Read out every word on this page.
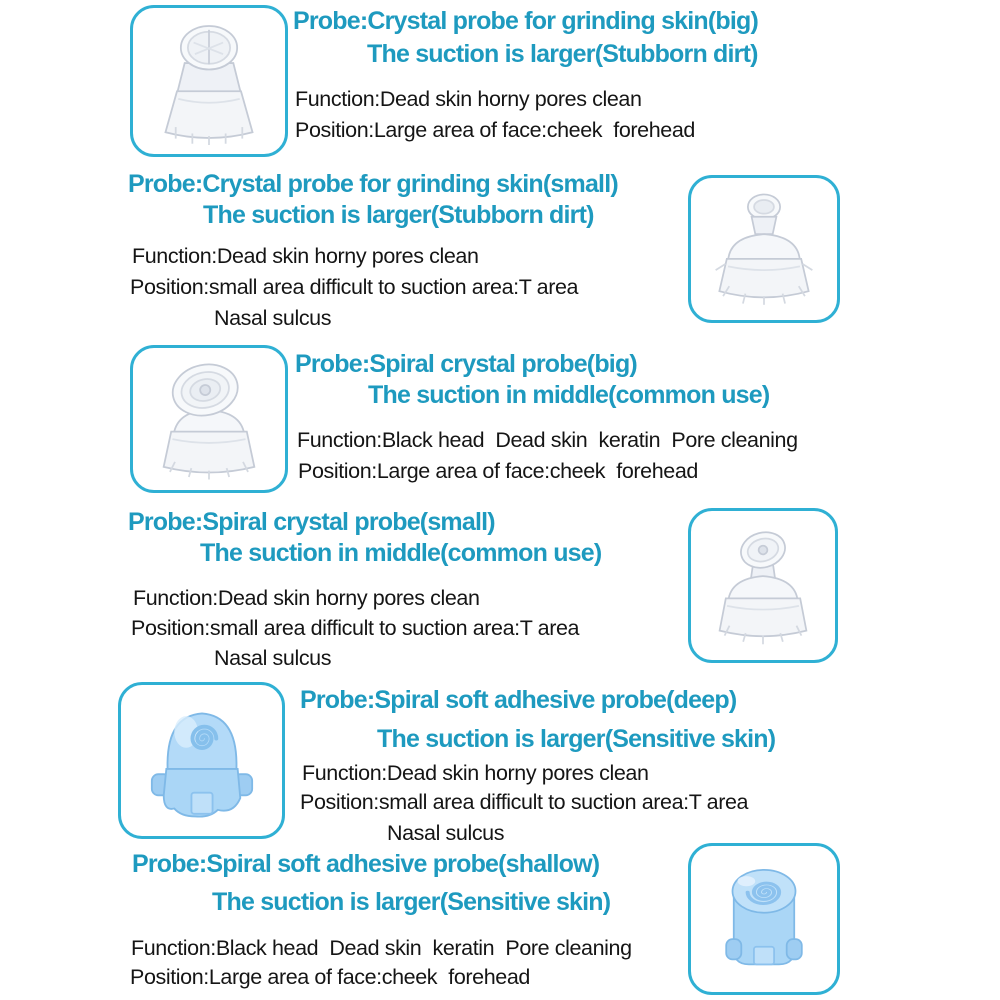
Probe:Crystal probe for grinding skin(big)
The suction is larger(Stubborn dirt)
Function:Dead skin horny pores clean
Position:Large area of face:cheek  forehead
Probe:Crystal probe for grinding skin(small)
The suction is larger(Stubborn dirt)
Function:Dead skin horny pores clean
Position:small area difficult to suction area:T area
Nasal sulcus
Probe:Spiral crystal probe(big)
The suction in middle(common use)
Function:Black head  Dead skin  keratin  Pore cleaning
Position:Large area of face:cheek  forehead
Probe:Spiral crystal probe(small)
The suction in middle(common use)
Function:Dead skin horny pores clean
Position:small area difficult to suction area:T area
Nasal sulcus
Probe:Spiral soft adhesive probe(deep)
The suction is larger(Sensitive skin)
Function:Dead skin horny pores clean
Position:small area difficult to suction area:T area
Nasal sulcus
Probe:Spiral soft adhesive probe(shallow)
The suction is larger(Sensitive skin)
Function:Black head  Dead skin  keratin  Pore cleaning
Position:Large area of face:cheek  forehead
